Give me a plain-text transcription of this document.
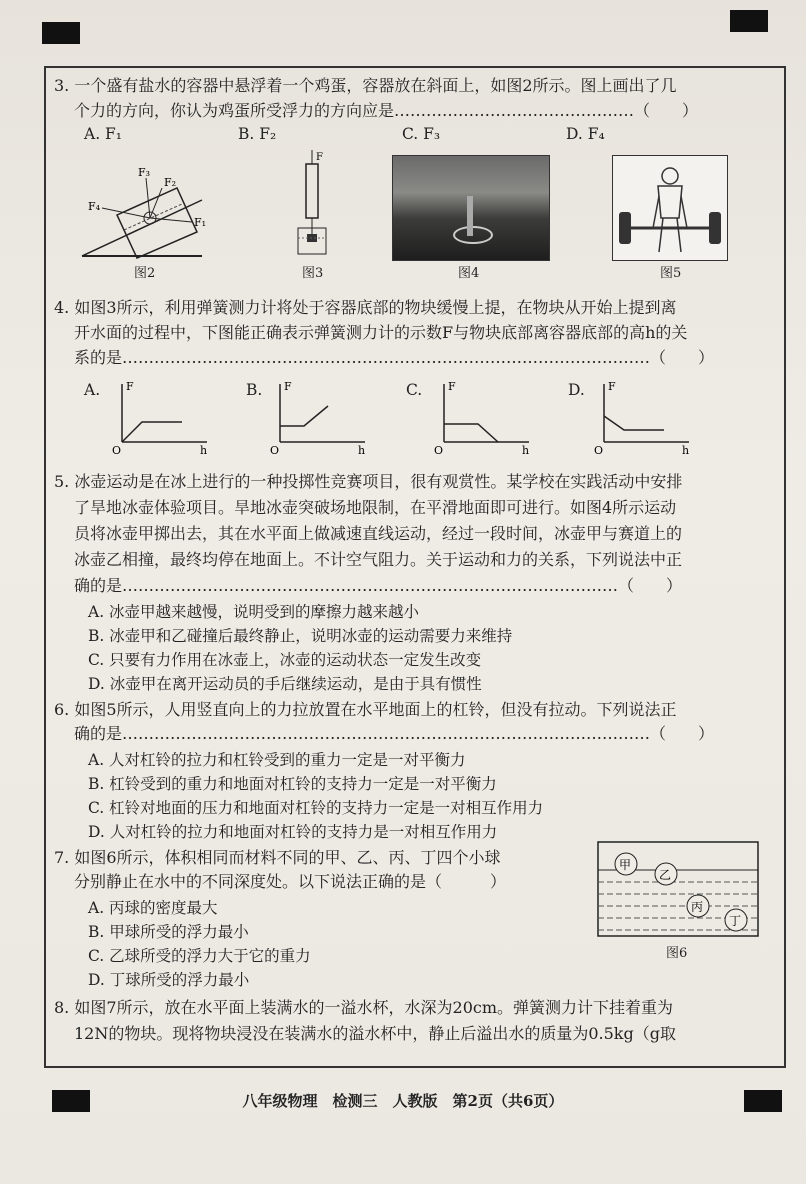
3. 一个盛有盐水的容器中悬浮着一个鸡蛋，容器放在斜面上，如图2所示。图上画出了几
个力的方向，你认为鸡蛋所受浮力的方向应是………………………………………（　　）
A. F₁	B. F₂	C. F₃	D. F₄
F₁
F₂
F₃
F₄
图2
F
图3	图4	图5
4. 如图3所示，利用弹簧测力计将处于容器底部的物块缓慢上提，在物块从开始上提到离
开水面的过程中，下图能正确表示弹簧测力计的示数F与物块底部离容器底部的高h的关
系的是………………………………………………………………………………………（　　）
A. F
h
O
B. F
h
O
C. F
h
O
D. F
h
O
5. 冰壶运动是在冰上进行的一种投掷性竞赛项目，很有观赏性。某学校在实践活动中安排
了旱地冰壶体验项目。旱地冰壶突破场地限制，在平滑地面即可进行。如图4所示运动
员将冰壶甲掷出去，其在水平面上做减速直线运动，经过一段时间，冰壶甲与赛道上的
冰壶乙相撞，最终均停在地面上。不计空气阻力。关于运动和力的关系，下列说法中正
确的是…………………………………………………………………………………（　　）
A. 冰壶甲越来越慢，说明受到的摩擦力越来越小
B. 冰壶甲和乙碰撞后最终静止，说明冰壶的运动需要力来维持
C. 只要有力作用在冰壶上，冰壶的运动状态一定发生改变
D. 冰壶甲在离开运动员的手后继续运动，是由于具有惯性
6. 如图5所示，人用竖直向上的力拉放置在水平地面上的杠铃，但没有拉动。下列说法正
确的是………………………………………………………………………………………（　　）
A. 人对杠铃的拉力和杠铃受到的重力一定是一对平衡力
B. 杠铃受到的重力和地面对杠铃的支持力一定是一对平衡力
C. 杠铃对地面的压力和地面对杠铃的支持力一定是一对相互作用力
D. 人对杠铃的拉力和地面对杠铃的支持力是一对相互作用力
7. 如图6所示，体积相同而材料不同的甲、乙、丙、丁四个小球
分别静止在水中的不同深度处。以下说法正确的是（　　　）
A. 丙球的密度最大
B. 甲球所受的浮力最小
C. 乙球所受的浮力大于它的重力
D. 丁球所受的浮力最小
甲
乙
丙
丁
图6
8. 如图7所示，放在水平面上装满水的一溢水杯，水深为20cm。弹簧测力计下挂着重为
12N的物块。现将物块浸没在装满水的溢水杯中，静止后溢出水的质量为0.5kg（g取
八年级物理　检测三　人教版　第2页（共6页）
